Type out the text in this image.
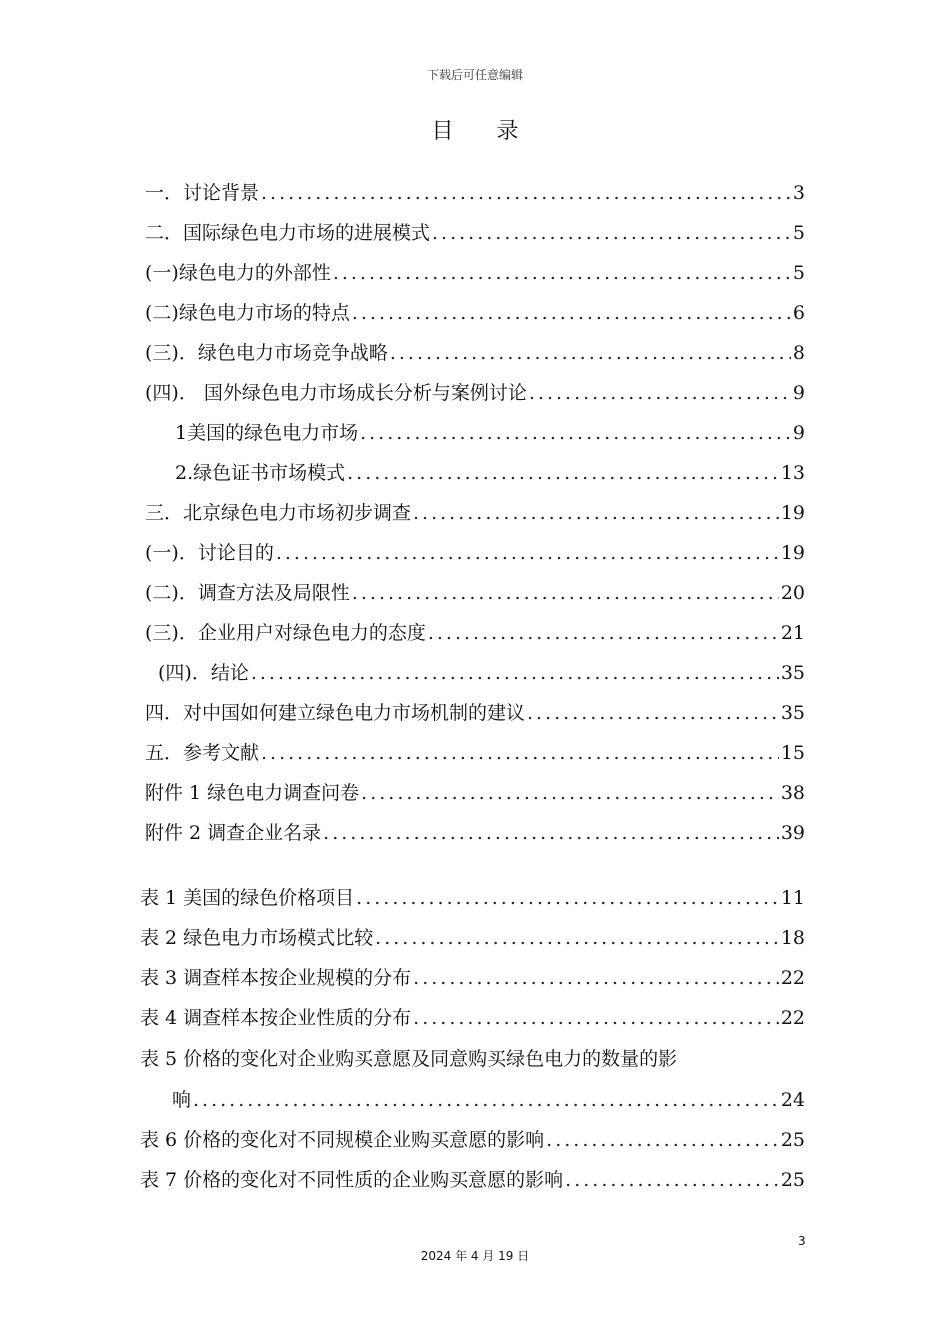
下载后可任意编辑
目 录
一．讨论背景 .....	3
二．国际绿色电力市场的进展模式 .....	5
(一)绿色电力的外部性 .....	5
(二)绿色电力市场的特点 .....	6
(三)．绿色电力市场竞争战略 .....	8
(四)． 国外绿色电力市场成长分析与案例讨论 .....	9
1美国的绿色电力市场 .....	9
2.绿色证书市场模式 .....	13
三．北京绿色电力市场初步调查 .....	19
(一)．讨论目的 .....	19
(二)．调查方法及局限性 .....	20
(三)．企业用户对绿色电力的态度 .....	21
(四)．结论 .....	35
四．对中国如何建立绿色电力市场机制的建议 .....	35
五．参考文献 .....	15
附件 1 绿色电力调查问卷 .....	38
附件 2 调查企业名录 .....	39
表 1 美国的绿色价格项目 .....	11
表 2 绿色电力市场模式比较 .....	18
表 3 调查样本按企业规模的分布 .....	22
表 4 调查样本按企业性质的分布 .....	22
表 5 价格的变化对企业购买意愿及同意购买绿色电力的数量的影
响 .....	24
表 6 价格的变化对不同规模企业购买意愿的影响 .....	25
表 7 价格的变化对不同性质的企业购买意愿的影响 .....	25
3
2024 年 4 月 19 日
